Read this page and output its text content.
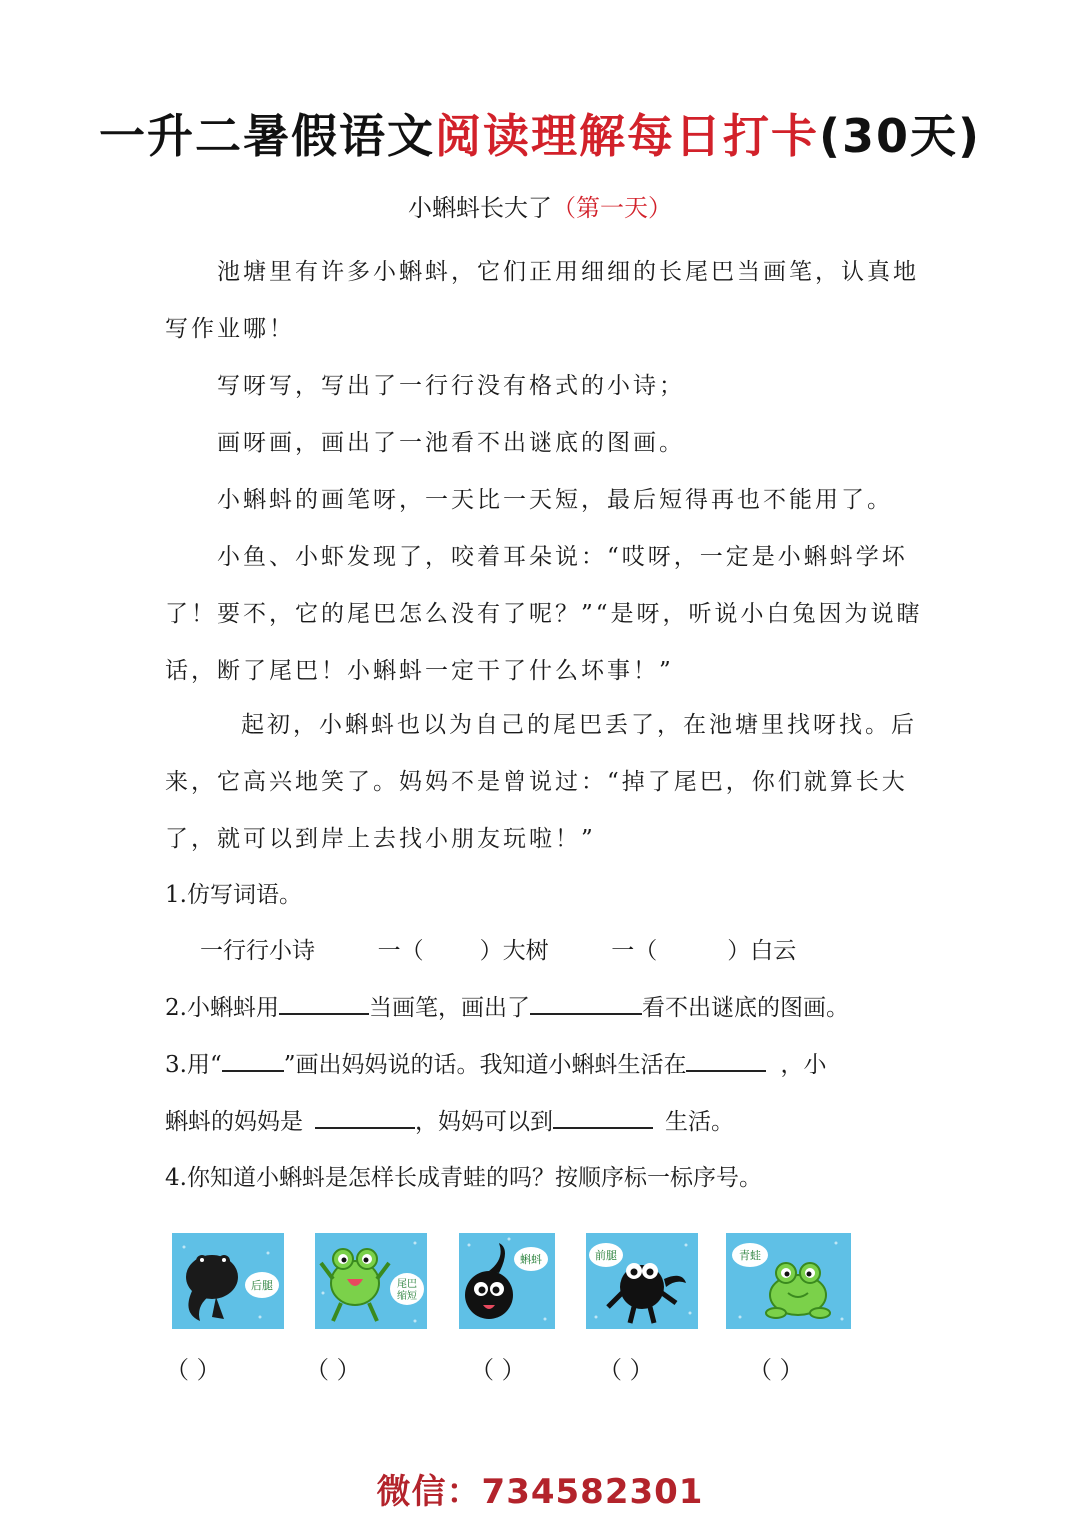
一升二暑假语文阅读理解每日打卡(30天)
小蝌蚪长大了（第一天）

池塘里有许多小蝌蚪，它们正用细细的长尾巴当画笔，认真地写作业哪！

写呀写，写出了一行行没有格式的小诗；

画呀画，画出了一池看不出谜底的图画。

小蝌蚪的画笔呀，一天比一天短，最后短得再也不能用了。

小鱼、小虾发现了，咬着耳朵说：“哎呀，一定是小蝌蚪学坏了！要不，它的尾巴怎么没有了呢？”“是呀，听说小白兔因为说瞎话，断了尾巴！小蝌蚪一定干了什么坏事！”

起初，小蝌蚪也以为自己的尾巴丢了，在池塘里找呀找。后来，它高兴地笑了。妈妈不是曾说过：“掉了尾巴，你们就算长大了，就可以到岸上去找小朋友玩啦！”

1.仿写词语。
一行行小诗	一（ ）大树	一（	）白云
2.小蝌蚪用	当画笔，画出了	看不出谜底的图画。
3.用“	”画出妈妈说的话。我知道小蝌蚪生活在	，小
蝌蚪的妈妈是	，妈妈可以到	生活。
4.你知道小蝌蚪是怎样长成青蛙的吗？按顺序标一标序号。
后腿	尾巴缩短
蝌蚪	前腿	青蛙
（ ）	（ ）	（ ）	（ ）	（ ）
微信：734582301
